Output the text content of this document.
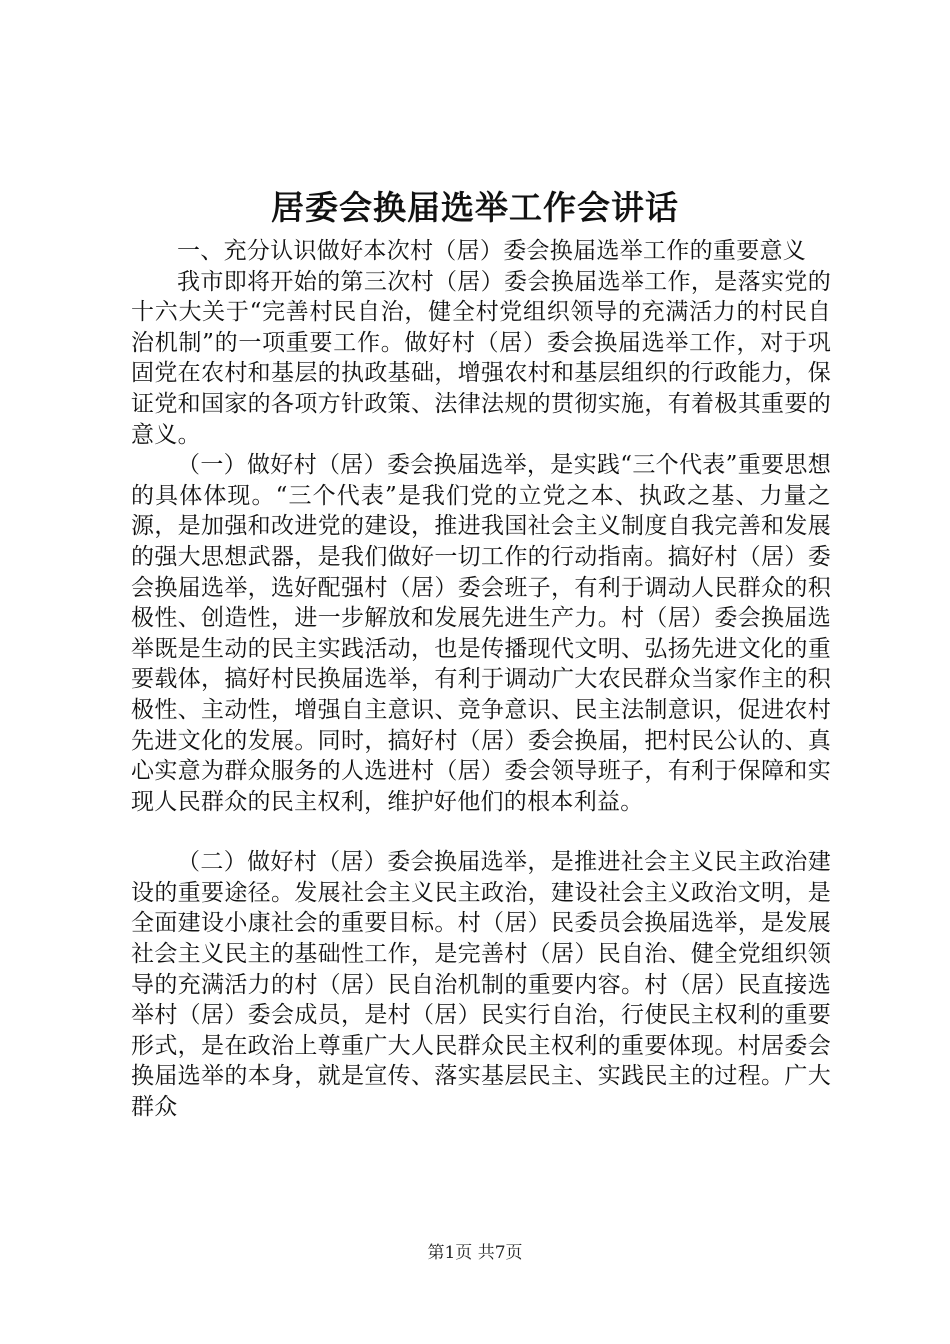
居委会换届选举工作会讲话

一、充分认识做好本次村（居）委会换届选举工作的重要意义

我市即将开始的第三次村（居）委会换届选举工作，是落实党的十六大关于“完善村民自治，健全村党组织领导的充满活力的村民自治机制”的一项重要工作。做好村（居）委会换届选举工作，对于巩固党在农村和基层的执政基础，增强农村和基层组织的行政能力，保证党和国家的各项方针政策、法律法规的贯彻实施，有着极其重要的意义。

（一）做好村（居）委会换届选举，是实践“三个代表”重要思想的具体体现。“三个代表”是我们党的立党之本、执政之基、力量之源，是加强和改进党的建设，推进我国社会主义制度自我完善和发展的强大思想武器，是我们做好一切工作的行动指南。搞好村（居）委会换届选举，选好配强村（居）委会班子，有利于调动人民群众的积极性、创造性，进一步解放和发展先进生产力。村（居）委会换届选举既是生动的民主实践活动，也是传播现代文明、弘扬先进文化的重要载体，搞好村民换届选举，有利于调动广大农民群众当家作主的积极性、主动性，增强自主意识、竞争意识、民主法制意识，促进农村先进文化的发展。同时，搞好村（居）委会换届，把村民公认的、真心实意为群众服务的人选进村（居）委会领导班子，有利于保障和实现人民群众的民主权利，维护好他们的根本利益。

（二）做好村（居）委会换届选举，是推进社会主义民主政治建设的重要途径。发展社会主义民主政治，建设社会主义政治文明，是全面建设小康社会的重要目标。村（居）民委员会换届选举，是发展社会主义民主的基础性工作，是完善村（居）民自治、健全党组织领导的充满活力的村（居）民自治机制的重要内容。村（居）民直接选举村（居）委会成员，是村（居）民实行自治，行使民主权利的重要形式，是在政治上尊重广大人民群众民主权利的重要体现。村居委会换届选举的本身，就是宣传、落实基层民主、实践民主的过程。广大群众

第1页 共7页
